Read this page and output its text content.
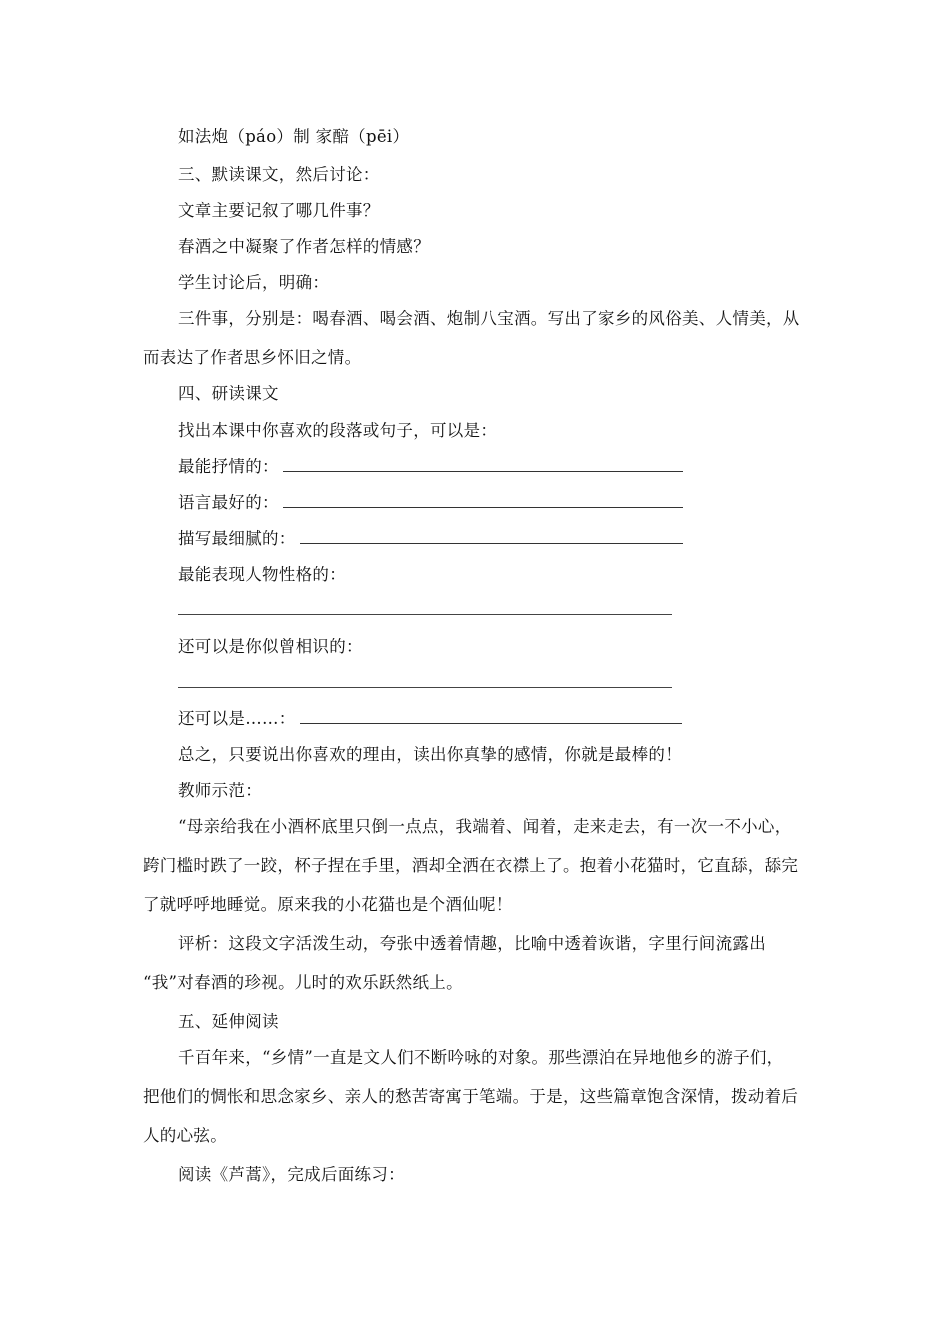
如法炮（páo）制 家醅（pēi）
三、默读课文，然后讨论：
文章主要记叙了哪几件事？
春酒之中凝聚了作者怎样的情感？
学生讨论后，明确：
三件事，分别是：喝春酒、喝会酒、炮制八宝酒。写出了家乡的风俗美、人情美，从
而表达了作者思乡怀旧之情。
四、研读课文
找出本课中你喜欢的段落或句子，可以是：
最能抒情的：
语言最好的：
描写最细腻的：
最能表现人物性格的：
还可以是你似曾相识的：
还可以是……：
总之，只要说出你喜欢的理由，读出你真挚的感情，你就是最棒的！
教师示范：
“母亲给我在小酒杯底里只倒一点点，我端着、闻着，走来走去，有一次一不小心，
跨门槛时跌了一跤，杯子捏在手里，酒却全洒在衣襟上了。抱着小花猫时，它直舔，舔完
了就呼呼地睡觉。原来我的小花猫也是个酒仙呢！
评析：这段文字活泼生动，夸张中透着情趣，比喻中透着诙谐，字里行间流露出
“我”对春酒的珍视。儿时的欢乐跃然纸上。
五、延伸阅读
千百年来，“乡情”一直是文人们不断吟咏的对象。那些漂泊在异地他乡的游子们，
把他们的惆怅和思念家乡、亲人的愁苦寄寓于笔端。于是，这些篇章饱含深情，拨动着后
人的心弦。
阅读《芦蒿》，完成后面练习：
